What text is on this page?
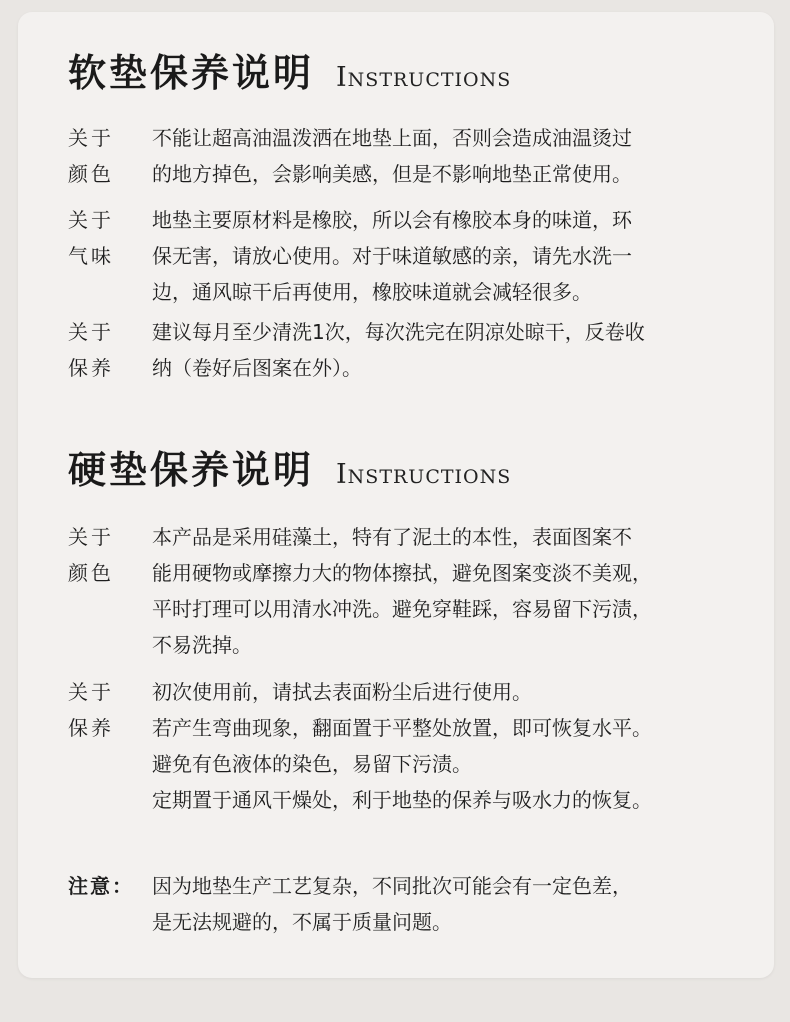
软垫保养说明 Instructions
关于
颜色
不能让超高油温泼洒在地垫上面，否则会造成油温烫过
的地方掉色，会影响美感，但是不影响地垫正常使用。
关于
气味
地垫主要原材料是橡胶，所以会有橡胶本身的味道，环
保无害，请放心使用。对于味道敏感的亲，请先水洗一
边，通风晾干后再使用，橡胶味道就会减轻很多。
关于
保养
建议每月至少清洗1次，每次洗完在阴凉处晾干，反卷收
纳（卷好后图案在外）。
硬垫保养说明 Instructions
关于
颜色
本产品是采用硅藻土，特有了泥土的本性，表面图案不
能用硬物或摩擦力大的物体擦拭，避免图案变淡不美观，
平时打理可以用清水冲洗。避免穿鞋踩，容易留下污渍，
不易洗掉。
关于
保养
初次使用前，请拭去表面粉尘后进行使用。
若产生弯曲现象，翻面置于平整处放置，即可恢复水平。
避免有色液体的染色，易留下污渍。
定期置于通风干燥处，利于地垫的保养与吸水力的恢复。
注意： 因为地垫生产工艺复杂，不同批次可能会有一定色差，
是无法规避的，不属于质量问题。
